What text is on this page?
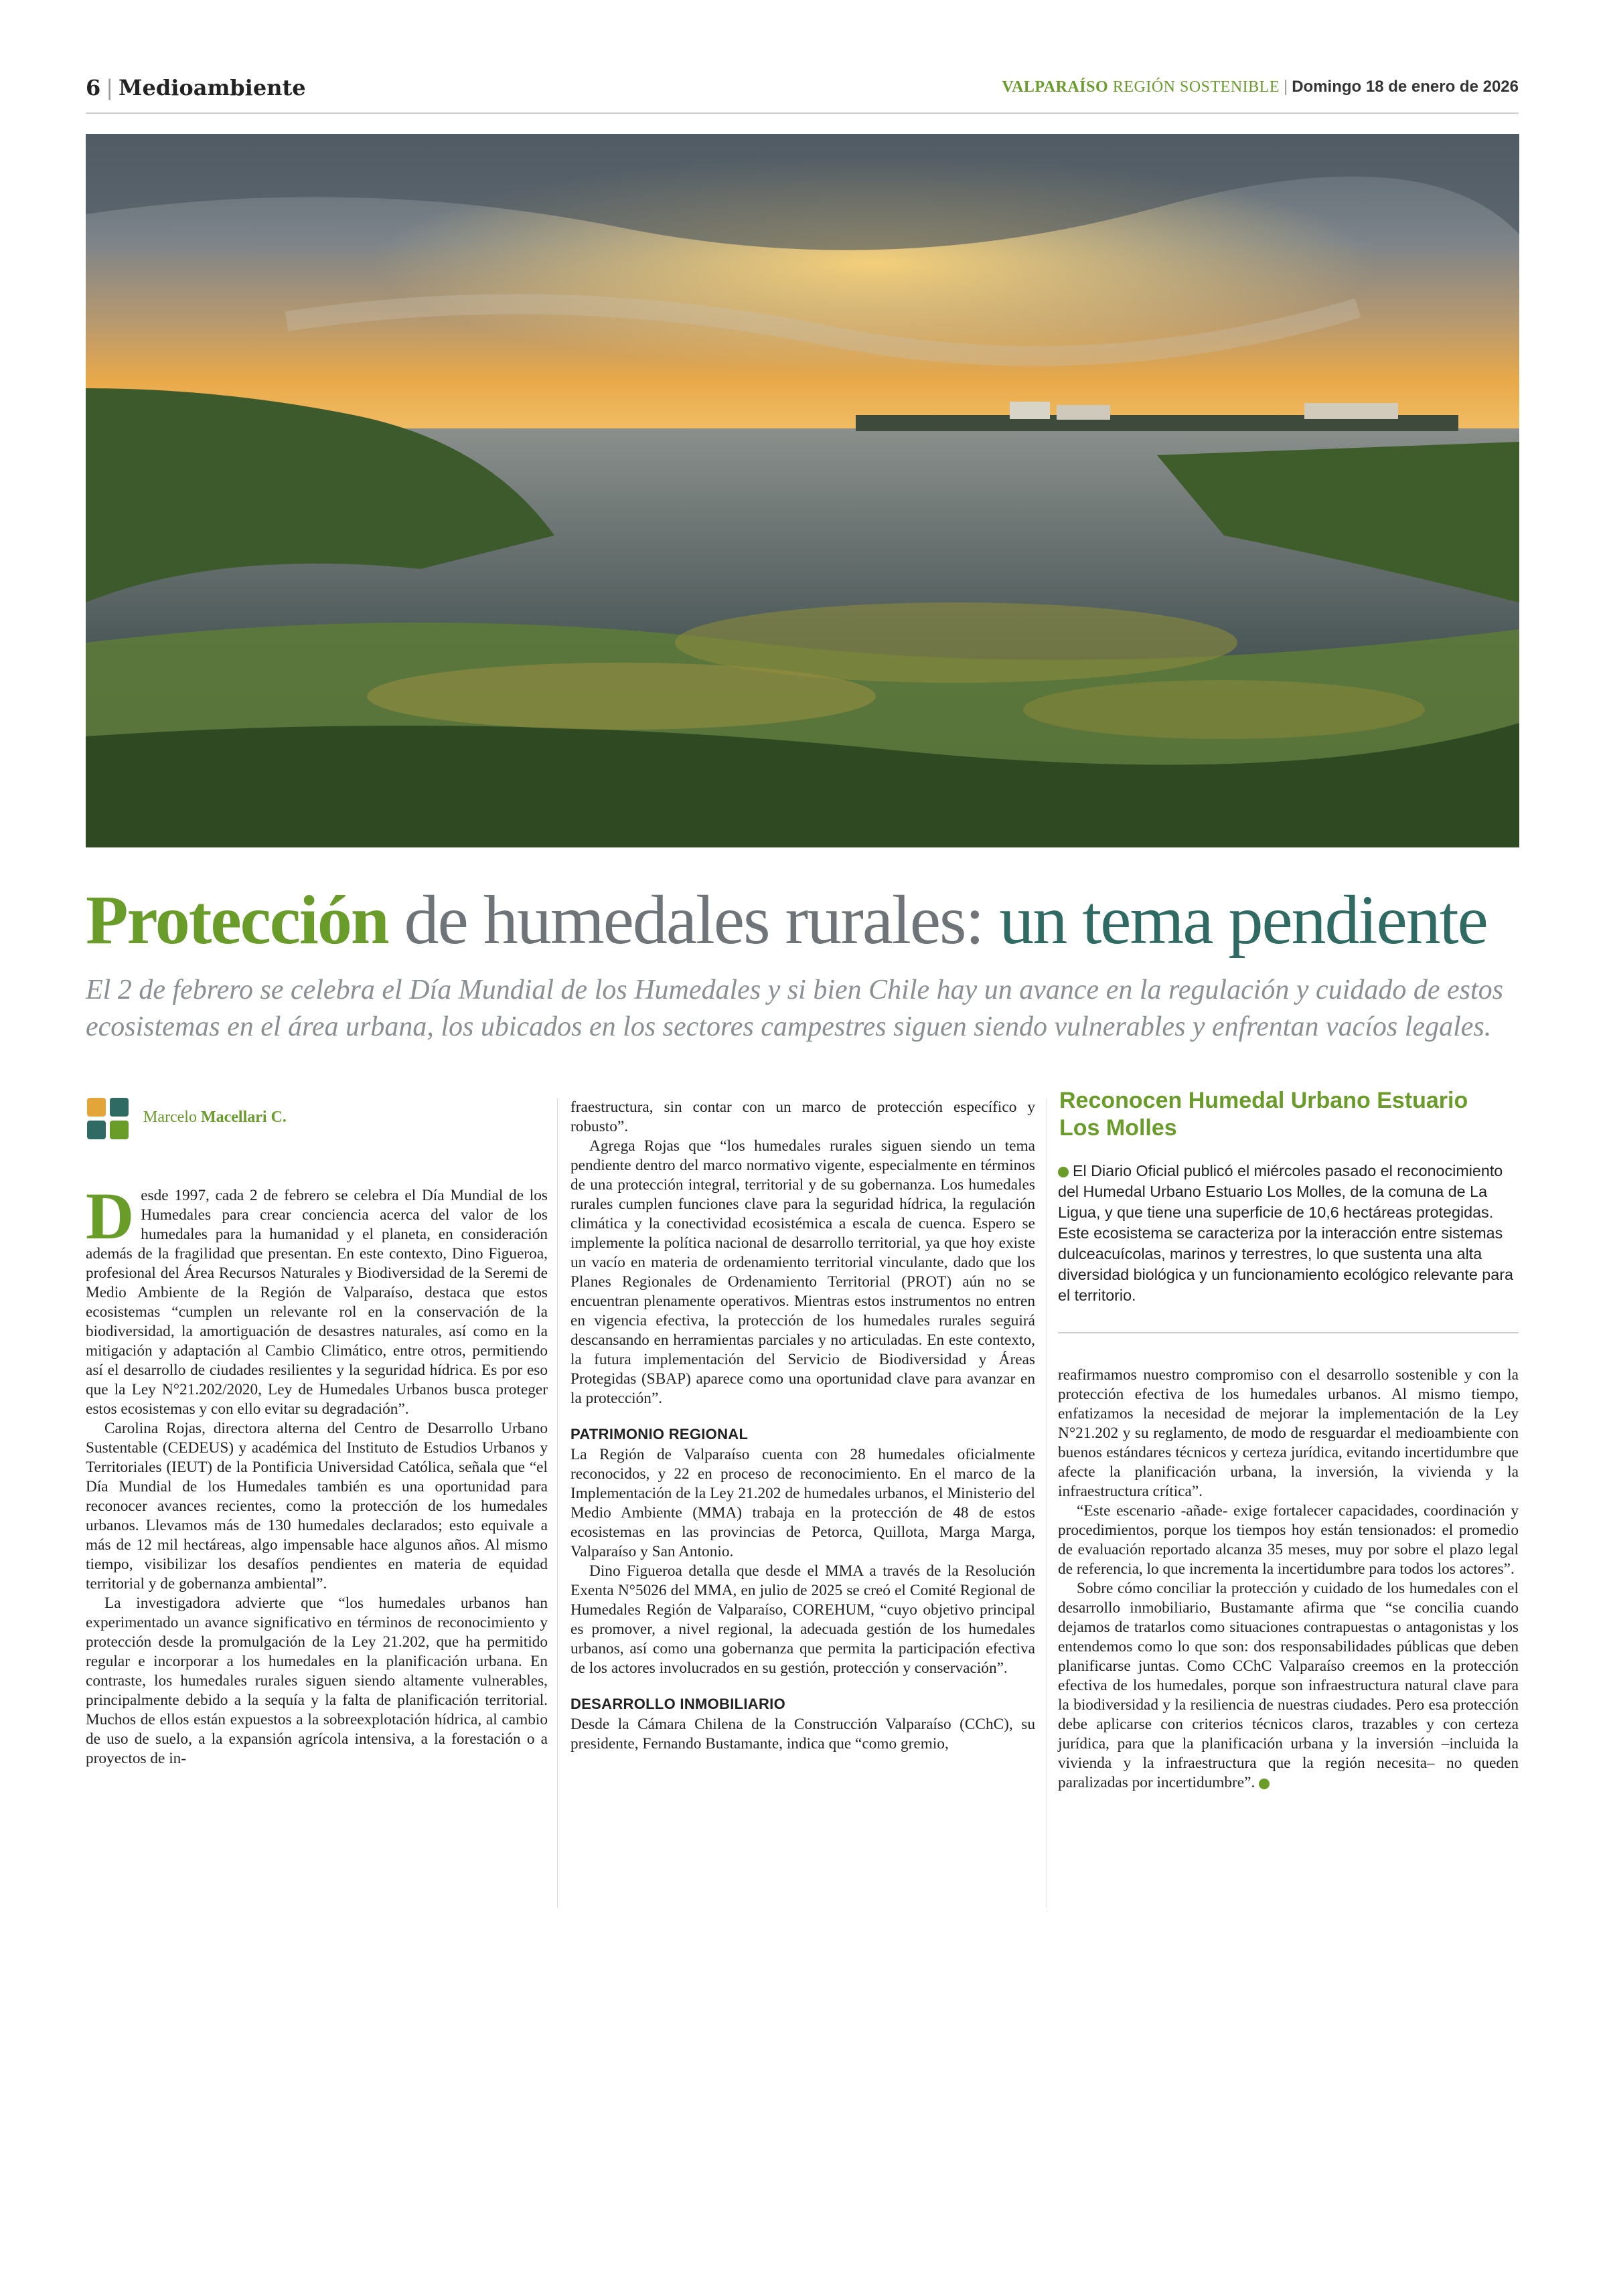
6 | Medioambiente	VALPARAÍSO REGIÓN SOSTENIBLE | Domingo 18 de enero de 2026
Protección de humedales rurales: un tema pendiente
El 2 de febrero se celebra el Día Mundial de los Humedales y si bien Chile hay un avance en la regulación y cuidado de estos ecosistemas en el área urbana, los ubicados en los sectores campestres siguen siendo vulnerables y enfrentan vacíos legales.
Marcelo Macellari C.

Desde 1997, cada 2 de febrero se celebra el Día Mundial de los Humedales para crear conciencia acerca del valor de los humedales para la humanidad y el planeta, en consideración además de la fragilidad que presentan. En este contexto, Dino Figueroa, profesional del Área Recursos Naturales y Biodiversidad de la Seremi de Medio Ambiente de la Región de Valparaíso, destaca que estos ecosistemas “cumplen un relevante rol en la conservación de la biodiversidad, la amortiguación de desastres naturales, así como en la mitigación y adaptación al Cambio Climático, entre otros, permitiendo así el desarrollo de ciudades resilientes y la seguridad hídrica. Es por eso que la Ley N°21.202/2020, Ley de Humedales Urbanos busca proteger estos ecosistemas y con ello evitar su degradación”.

Carolina Rojas, directora alterna del Centro de Desarrollo Urbano Sustentable (CEDEUS) y académica del Instituto de Estudios Urbanos y Territoriales (IEUT) de la Pontificia Universidad Católica, señala que “el Día Mundial de los Humedales también es una oportunidad para reconocer avances recientes, como la protección de los humedales urbanos. Llevamos más de 130 humedales declarados; esto equivale a más de 12 mil hectáreas, algo impensable hace algunos años. Al mismo tiempo, visibilizar los desafíos pendientes en materia de equidad territorial y de gobernanza ambiental”.

La investigadora advierte que “los humedales urbanos han experimentado un avance significativo en términos de reconocimiento y protección desde la promulgación de la Ley 21.202, que ha permitido regular e incorporar a los humedales en la planificación urbana. En contraste, los humedales rurales siguen siendo altamente vulnerables, principalmente debido a la sequía y la falta de planificación territorial. Muchos de ellos están expuestos a la sobreexplotación hídrica, al cambio de uso de suelo, a la expansión agrícola intensiva, a la forestación o a proyectos de in-

fraestructura, sin contar con un marco de protección específico y robusto”.

Agrega Rojas que “los humedales rurales siguen siendo un tema pendiente dentro del marco normativo vigente, especialmente en términos de una protección integral, territorial y de su gobernanza. Los humedales rurales cumplen funciones clave para la seguridad hídrica, la regulación climática y la conectividad ecosistémica a escala de cuenca. Espero se implemente la política nacional de desarrollo territorial, ya que hoy existe un vacío en materia de ordenamiento territorial vinculante, dado que los Planes Regionales de Ordenamiento Territorial (PROT) aún no se encuentran plenamente operativos. Mientras estos instrumentos no entren en vigencia efectiva, la protección de los humedales rurales seguirá descansando en herramientas parciales y no articuladas. En este contexto, la futura implementación del Servicio de Biodiversidad y Áreas Protegidas (SBAP) aparece como una oportunidad clave para avanzar en la protección”.

PATRIMONIO REGIONAL

La Región de Valparaíso cuenta con 28 humedales oficialmente reconocidos, y 22 en proceso de reconocimiento. En el marco de la Implementación de la Ley 21.202 de humedales urbanos, el Ministerio del Medio Ambiente (MMA) trabaja en la protección de 48 de estos ecosistemas en las provincias de Petorca, Quillota, Marga Marga, Valparaíso y San Antonio.

Dino Figueroa detalla que desde el MMA a través de la Resolución Exenta N°5026 del MMA, en julio de 2025 se creó el Comité Regional de Humedales Región de Valparaíso, COREHUM, “cuyo objetivo principal es promover, a nivel regional, la adecuada gestión de los humedales urbanos, así como una gobernanza que permita la participación efectiva de los actores involucrados en su gestión, protección y conservación”.

DESARROLLO INMOBILIARIO

Desde la Cámara Chilena de la Construcción Valparaíso (CChC), su presidente, Fernando Bustamante, indica que “como gremio,

Reconocen Humedal Urbano Estuario Los Molles
El Diario Oficial publicó el miércoles pasado el reconocimiento del Humedal Urbano Estuario Los Molles, de la comuna de La Ligua, y que tiene una superficie de 10,6 hectáreas protegidas. Este ecosistema se caracteriza por la interacción entre sistemas dulceacuícolas, marinos y terrestres, lo que sustenta una alta diversidad biológica y un funcionamiento ecológico relevante para el territorio.

reafirmamos nuestro compromiso con el desarrollo sostenible y con la protección efectiva de los humedales urbanos. Al mismo tiempo, enfatizamos la necesidad de mejorar la implementación de la Ley N°21.202 y su reglamento, de modo de resguardar el medioambiente con buenos estándares técnicos y certeza jurídica, evitando incertidumbre que afecte la planificación urbana, la inversión, la vivienda y la infraestructura crítica”.

“Este escenario -añade- exige fortalecer capacidades, coordinación y procedimientos, porque los tiempos hoy están tensionados: el promedio de evaluación reportado alcanza 35 meses, muy por sobre el plazo legal de referencia, lo que incrementa la incertidumbre para todos los actores”.

Sobre cómo conciliar la protección y cuidado de los humedales con el desarrollo inmobiliario, Bustamante afirma que “se concilia cuando dejamos de tratarlos como situaciones contrapuestas o antagonistas y los entendemos como lo que son: dos responsabilidades públicas que deben planificarse juntas. Como CChC Valparaíso creemos en la protección efectiva de los humedales, porque son infraestructura natural clave para la biodiversidad y la resiliencia de nuestras ciudades. Pero esa protección debe aplicarse con criterios técnicos claros, trazables y con certeza jurídica, para que la planificación urbana y la inversión –incluida la vivienda y la infraestructura que la región necesita– no queden paralizadas por incertidumbre”.
